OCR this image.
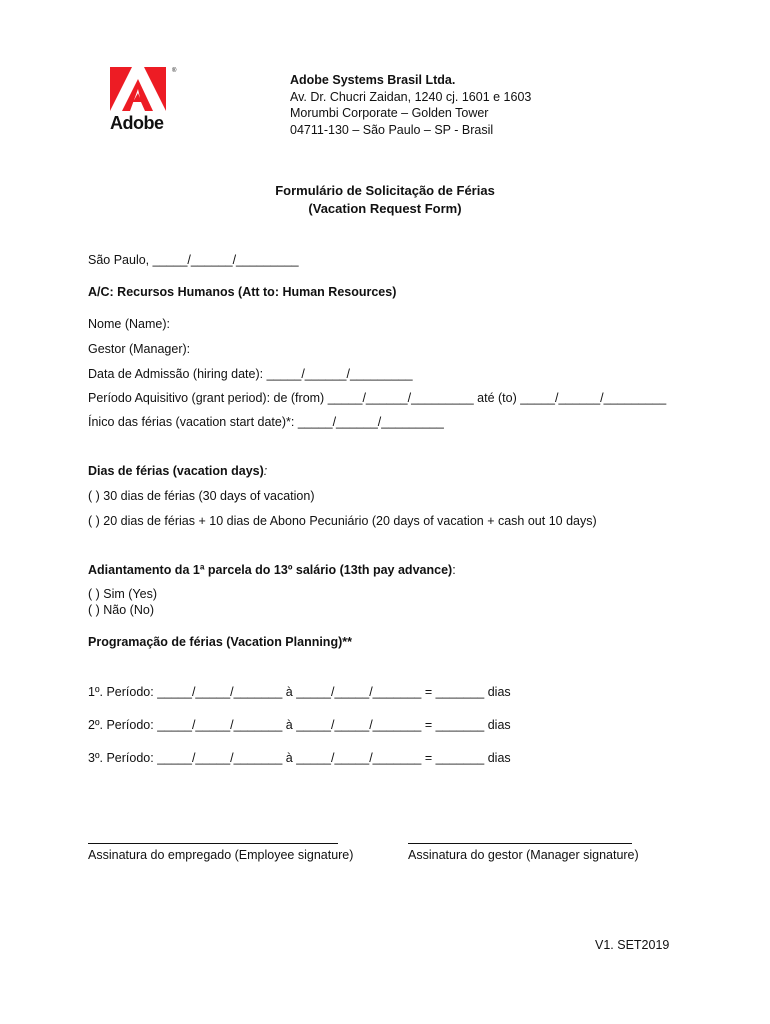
®
Adobe
Adobe Systems Brasil Ltda.
Av. Dr. Chucri Zaidan, 1240 cj. 1601 e 1603
Morumbi Corporate – Golden Tower
04711-130 – São Paulo – SP - Brasil
Formulário de Solicitação de Férias
(Vacation Request Form)
São Paulo, _____/______/_________
A/C: Recursos Humanos (Att to: Human Resources)
Nome (Name):
Gestor (Manager):
Data de Admissão (hiring date): _____/______/_________
Período Aquisitivo (grant period): de (from) _____/______/_________ até (to) _____/______/_________
Ínico das férias (vacation start date)*: _____/______/_________
Dias de férias (vacation days):
( ) 30 dias de férias (30 days of vacation)
( ) 20 dias de férias + 10 dias de Abono Pecuniário (20 days of vacation + cash out 10 days)
Adiantamento da 1ª parcela do 13º salário (13th pay advance):
( ) Sim (Yes)
( ) Não (No)
Programação de férias (Vacation Planning)**
1º. Período: _____/_____/_______ à _____/_____/_______ = _______ dias
2º. Período: _____/_____/_______ à _____/_____/_______ = _______ dias
3º. Período: _____/_____/_______ à _____/_____/_______ = _______ dias
Assinatura do empregado (Employee signature)	Assinatura do gestor (Manager signature)
V1. SET2019
